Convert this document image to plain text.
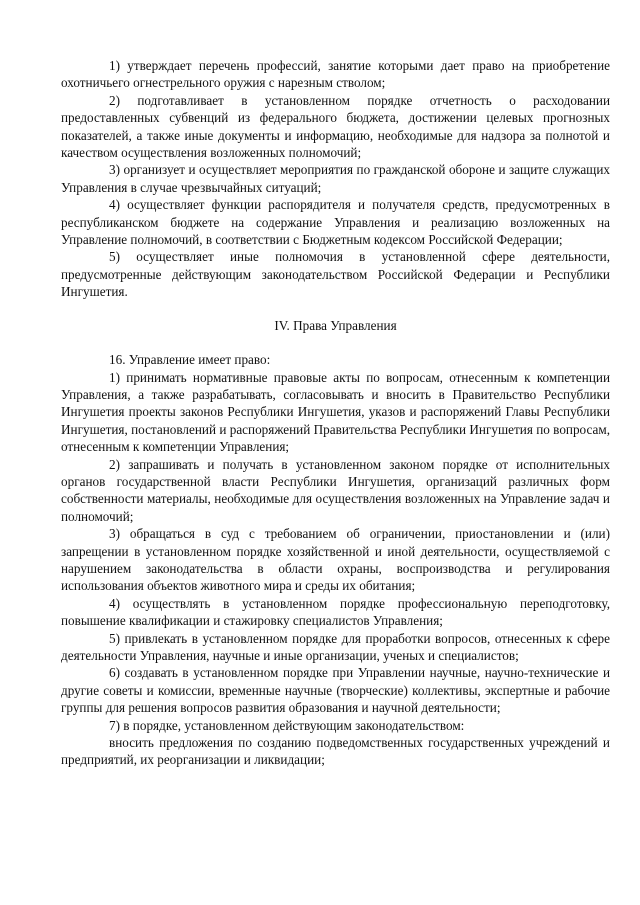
1) утверждает перечень профессий, занятие которыми дает право на приобретение охотничьего огнестрельного оружия с нарезным стволом;

2) подготавливает в установленном порядке отчетность о расходовании предоставленных субвенций из федерального бюджета, достижении целевых прогнозных показателей, а также иные документы и информацию, необходимые для надзора за полнотой и качеством осуществления возложенных полномочий;

3) организует и осуществляет мероприятия по гражданской обороне и защите служащих Управления в случае чрезвычайных ситуаций;

4) осуществляет функции распорядителя и получателя средств, предусмотренных в республиканском бюджете на содержание Управления и реализацию возложенных на Управление полномочий, в соответствии с Бюджетным кодексом Российской Федерации;

5) осуществляет иные полномочия в установленной сфере деятельности, предусмотренные действующим законодательством Российской Федерации и Республики Ингушетия.

IV. Права Управления

16. Управление имеет право:

1) принимать нормативные правовые акты по вопросам, отнесенным к компетенции Управления, а также разрабатывать, согласовывать и вносить в Правительство Республики Ингушетия проекты законов Республики Ингушетия, указов и распоряжений Главы Республики Ингушетия, постановлений и распоряжений Правительства Республики Ингушетия по вопросам, отнесенным к компетенции Управления;

2) запрашивать и получать в установленном законом порядке от исполнительных органов государственной власти Республики Ингушетия, организаций различных форм собственности материалы, необходимые для осуществления возложенных на Управление задач и полномочий;

3) обращаться в суд с требованием об ограничении, приостановлении и (или) запрещении в установленном порядке хозяйственной и иной деятельности, осуществляемой с нарушением законодательства в области охраны, воспроизводства и регулирования использования объектов животного мира и среды их обитания;

4) осуществлять в установленном порядке профессиональную переподготовку, повышение квалификации и стажировку специалистов Управления;

5) привлекать в установленном порядке для проработки вопросов, отнесенных к сфере деятельности Управления, научные и иные организации, ученых и специалистов;

6) создавать в установленном порядке при Управлении научные, научно-технические и другие советы и комиссии, временные научные (творческие) коллективы, экспертные и рабочие группы для решения вопросов развития образования и научной деятельности;

7) в порядке, установленном действующим законодательством:

вносить предложения по созданию подведомственных государственных учреждений и предприятий, их реорганизации и ликвидации;
